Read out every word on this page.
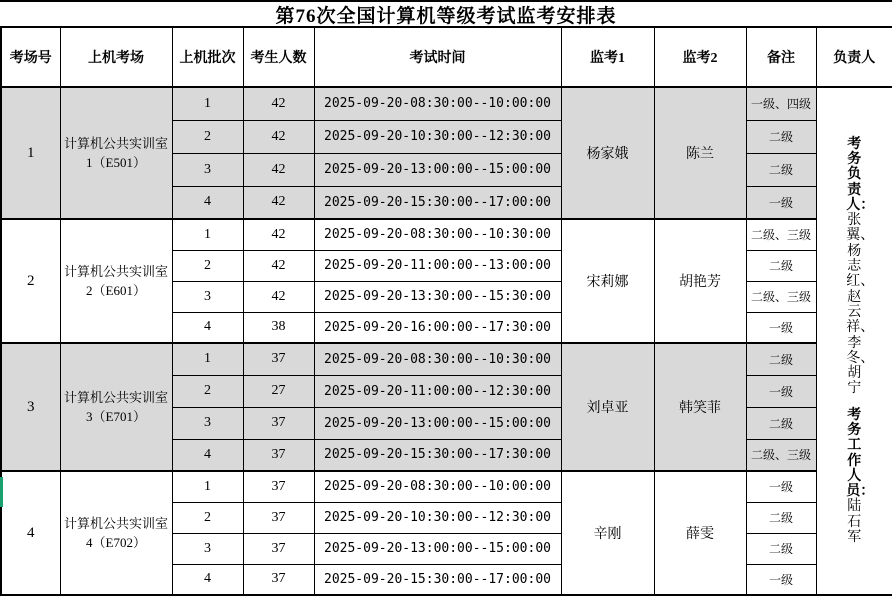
第76次全国计算机等级考试监考安排表
考场号	上机考场	上机批次	考生人数	考试时间	监考1	监考2	备注	负责人
1	计算机公共实训室1（E501）	1	42	2025-09-20-08:30:00--10:00:00	杨家娥	陈兰	一级、四级	考务负责人：张翼、杨志红、赵云祥、李冬、胡宁
考务工作人员：陆石军

		2	42	2025-09-20-10:30:00--12:30:00			二级	
		3	42	2025-09-20-13:00:00--15:00:00			二级	
		4	42	2025-09-20-15:30:00--17:00:00			一级	
2	计算机公共实训室2（E601）	1	42	2025-09-20-08:30:00--10:30:00	宋莉娜	胡艳芳	二级、三级	
		2	42	2025-09-20-11:00:00--13:00:00			二级	
		3	42	2025-09-20-13:30:00--15:30:00			二级、三级	
		4	38	2025-09-20-16:00:00--17:30:00			一级	
3	计算机公共实训室3（E701）	1	37	2025-09-20-08:30:00--10:30:00	刘卓亚	韩笑菲	二级	
		2	27	2025-09-20-11:00:00--12:30:00			一级	
		3	37	2025-09-20-13:00:00--15:00:00			二级	
		4	37	2025-09-20-15:30:00--17:30:00			二级、三级	
4	计算机公共实训室4（E702）	1	37	2025-09-20-08:30:00--10:00:00	辛刚	薛雯	一级	
		2	37	2025-09-20-10:30:00--12:30:00			二级	
		3	37	2025-09-20-13:00:00--15:00:00			二级	
		4	37	2025-09-20-15:30:00--17:00:00			一级	
